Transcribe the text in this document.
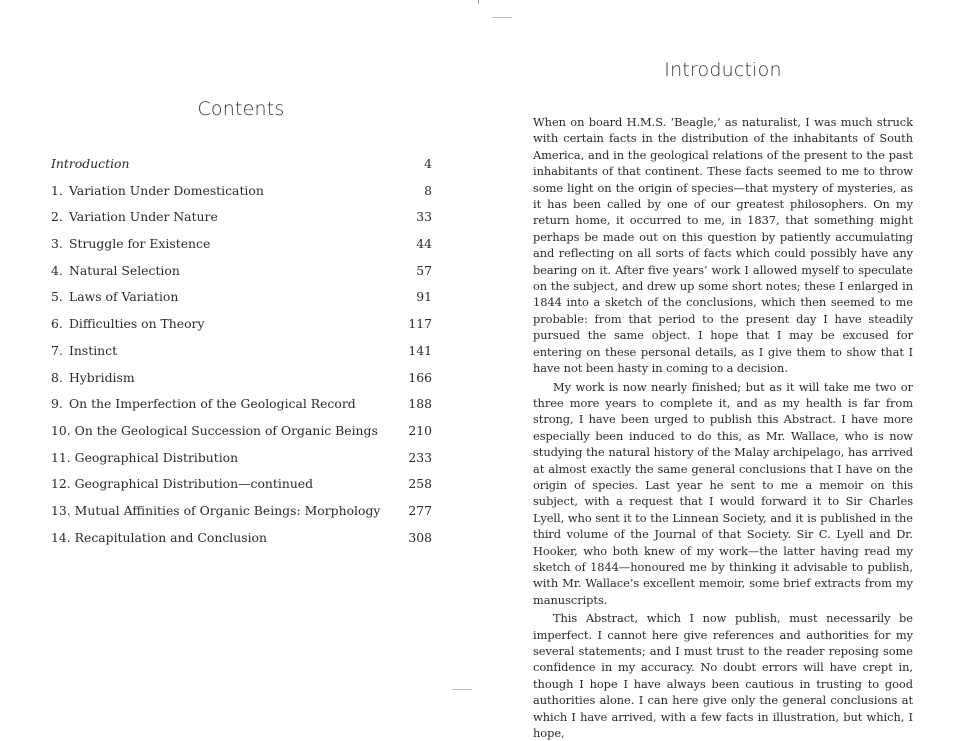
Contents
Introduction	4
1. Variation Under Domestication	8
2. Variation Under Nature	33
3. Struggle for Existence	44
4. Natural Selection	57
5. Laws of Variation	91
6. Difficulties on Theory	117
7. Instinct	141
8. Hybridism	166
9. On the Imperfection of the Geological Record	188
10. On the Geological Succession of Organic Beings 210
11. Geographical Distribution	233
12. Geographical Distribution—continued	258
13. Mutual Affinities of Organic Beings: Morphology 277
14. Recapitulation and Conclusion	308
Introduction

When on board H.M.S. ‘Beagle,’ as naturalist, I was much struck with certain facts in the distribution of the inhabitants of South America, and in the geological relations of the present to the past inhabitants of that continent. These facts seemed to me to throw some light on the origin of species—that mystery of mysteries, as it has been called by one of our greatest philosophers. On my return home, it occurred to me, in 1837, that something might perhaps be made out on this question by patiently accumulating and reflecting on all sorts of facts which could possibly have any bearing on it. After five years’ work I allowed myself to speculate on the subject, and drew up some short notes; these I enlarged in 1844 into a sketch of the conclusions, which then seemed to me probable: from that period to the present day I have steadily pursued the same object. I hope that I may be excused for entering on these personal details, as I give them to show that I have not been hasty in coming to a decision.

My work is now nearly finished; but as it will take me two or three more years to complete it, and as my health is far from strong, I have been urged to publish this Abstract. I have more especially been induced to do this, as Mr. Wallace, who is now studying the natural history of the Malay archipelago, has arrived at almost exactly the same general conclusions that I have on the origin of species. Last year he sent to me a memoir on this subject, with a request that I would forward it to Sir Charles Lyell, who sent it to the Linnean Society, and it is published in the third volume of the Journal of that Society. Sir C. Lyell and Dr. Hooker, who both knew of my work—the latter having read my sketch of 1844—honoured me by thinking it advisable to publish, with Mr. Wallace’s excellent memoir, some brief extracts from my manuscripts.

This Abstract, which I now publish, must necessarily be imperfect. I cannot here give references and authorities for my several statements; and I must trust to the reader reposing some confidence in my accuracy. No doubt errors will have crept in, though I hope I have always been cautious in trusting to good authorities alone. I can here give only the general conclusions at which I have arrived, with a few facts in illustration, but which, I hope,
